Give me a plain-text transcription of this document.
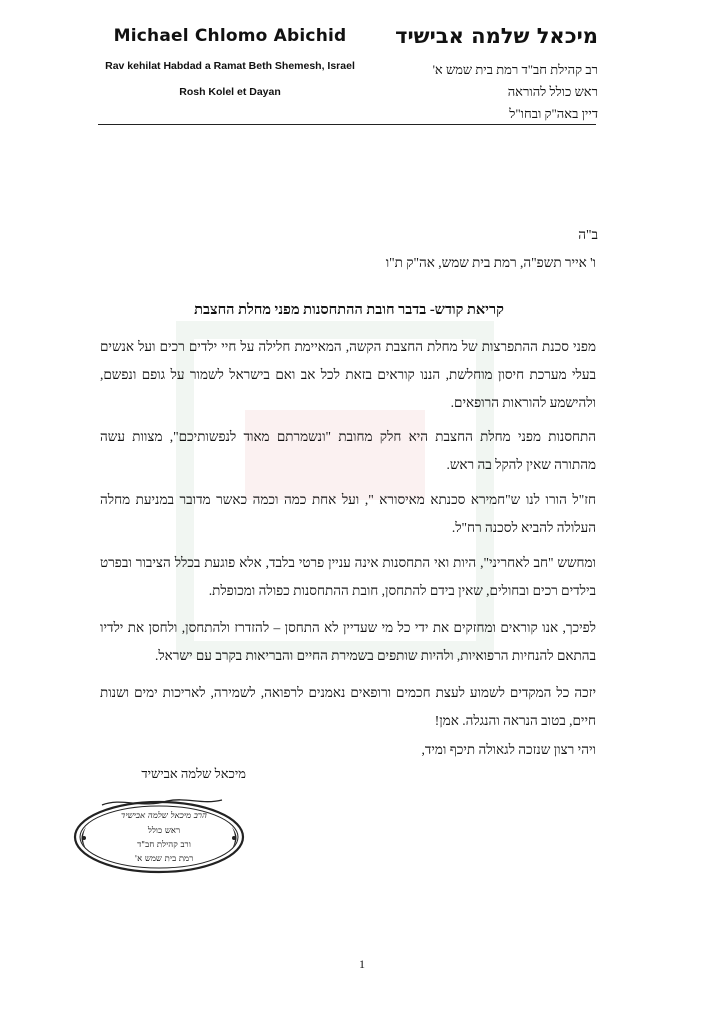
Michael Chlomo Abichid
Rav kehilat Habdad a Ramat Beth Shemesh, Israel
Rosh Kolel et Dayan
מיכאל שלמה אבישיד
רב קהילת חב"ד רמת בית שמש א'
ראש כולל להוראה
דיין באה"ק ובחו"ל
ב"ה
ו' אייר תשפ"ה, רמת בית שמש, אה"ק ת"ו
קריאת קודש- בדבר חובת ההתחסנות מפני מחלת החצבת
מפני סכנת ההתפרצות של מחלת החצבת הקשה, המאיימת חלילה על חיי ילדים רכים ועל אנשים בעלי מערכת חיסון מוחלשת, הננו קוראים בזאת לכל אב ואם בישראל לשמור על גופם ונפשם, ולהישמע להוראות הרופאים.
התחסנות מפני מחלת החצבת היא חלק מחובת "ונשמרתם מאוד לנפשותיכם", מצוות עשה מהתורה שאין להקל בה ראש.
חז"ל הורו לנו ש"חמירא סכנתא מאיסורא ", ועל אחת כמה וכמה כאשר מדובר במניעת מחלה העלולה להביא לסכנה רח"ל.
ומחשש "חב לאחריני", היות ואי התחסנות אינה עניין פרטי בלבד, אלא פוגעת בכלל הציבור ובפרט בילדים רכים ובחולים, שאין בידם להתחסן, חובת ההתחסנות כפולה ומכופלת.
לפיכך, אנו קוראים ומחזקים את ידי כל מי שעדיין לא התחסן – להזדרז ולהתחסן, ולחסן את ילדיו בהתאם להנחיות הרפואיות, ולהיות שותפים בשמירת החיים והבריאות בקרב עם ישראל.
יזכה כל המקדים לשמוע לעצת חכמים ורופאים נאמנים לרפואה, לשמירה, לאריכות ימים ושנות חיים, בטוב הנראה והנגלה. אמן!
ויהי רצון שנזכה לגאולה תיכף ומיד,
מיכאל שלמה אבישיד
הרב מיכאל שלמה אבישיד
ראש כולל
ורב קהילת חב"ד
רמת בית שמש א'
1
